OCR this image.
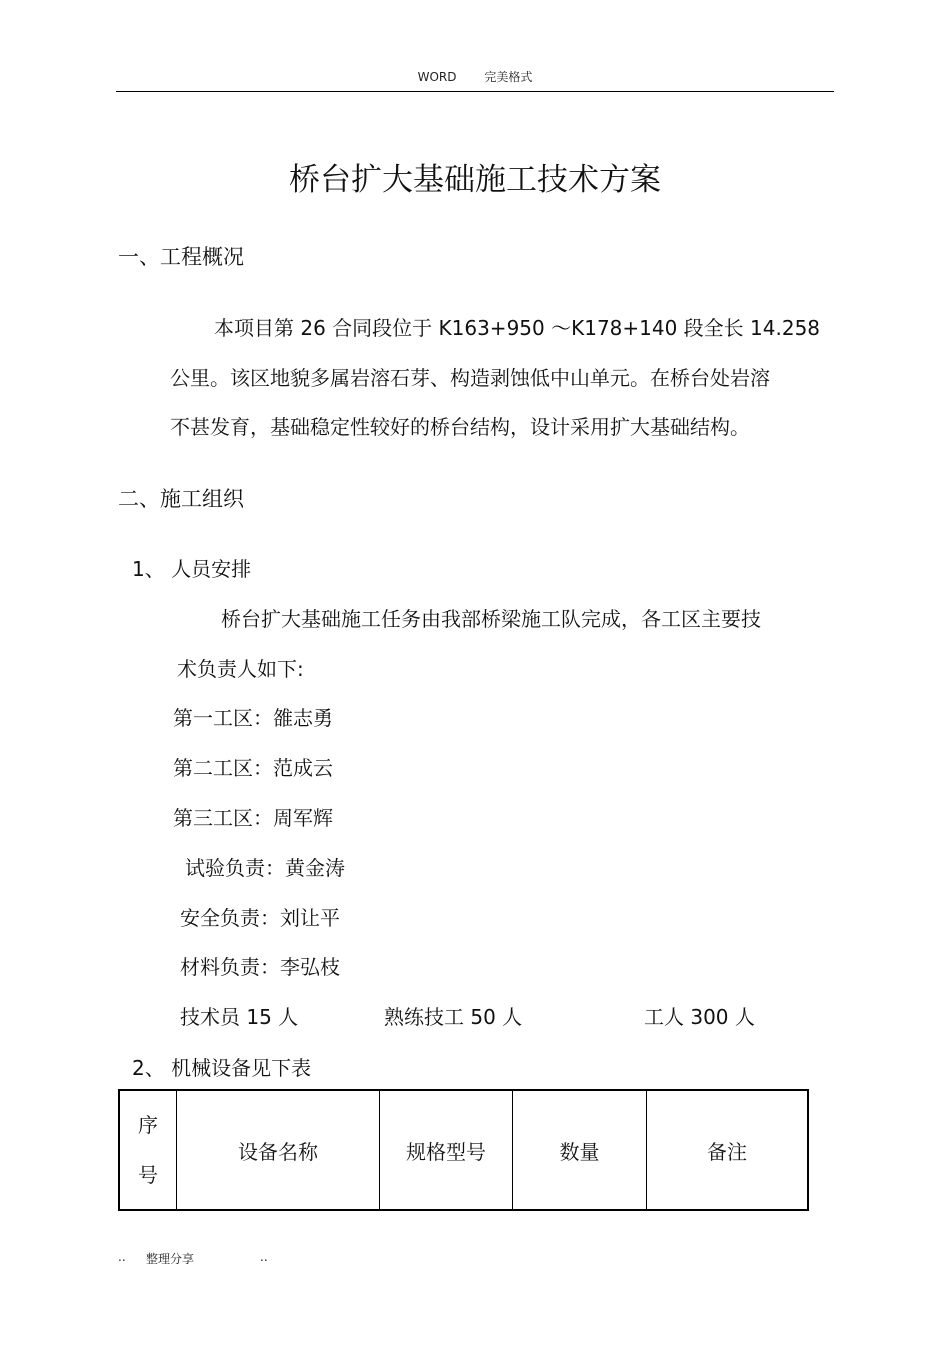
WORD 完美格式
桥台扩大基础施工技术方案
一、工程概况
本项目第 26 合同段位于 K163+950 ～K178+140 段全长 14.258
公里。该区地貌多属岩溶石芽、构造剥蚀低中山单元。在桥台处岩溶
不甚发育，基础稳定性较好的桥台结构，设计采用扩大基础结构。
二、施工组织
1、 人员安排
桥台扩大基础施工任务由我部桥梁施工队完成，各工区主要技
术负责人如下:
第一工区：雒志勇
第二工区：范成云
第三工区：周军辉
试验负责：黄金涛
安全负责：刘让平
材料负责：李弘枝
技术员 15 人	熟练技工 50 人	工人 300 人
2、 机械设备见下表
序
号
	设备名称	规格型号	数量	备注
.. 整理分享	..
